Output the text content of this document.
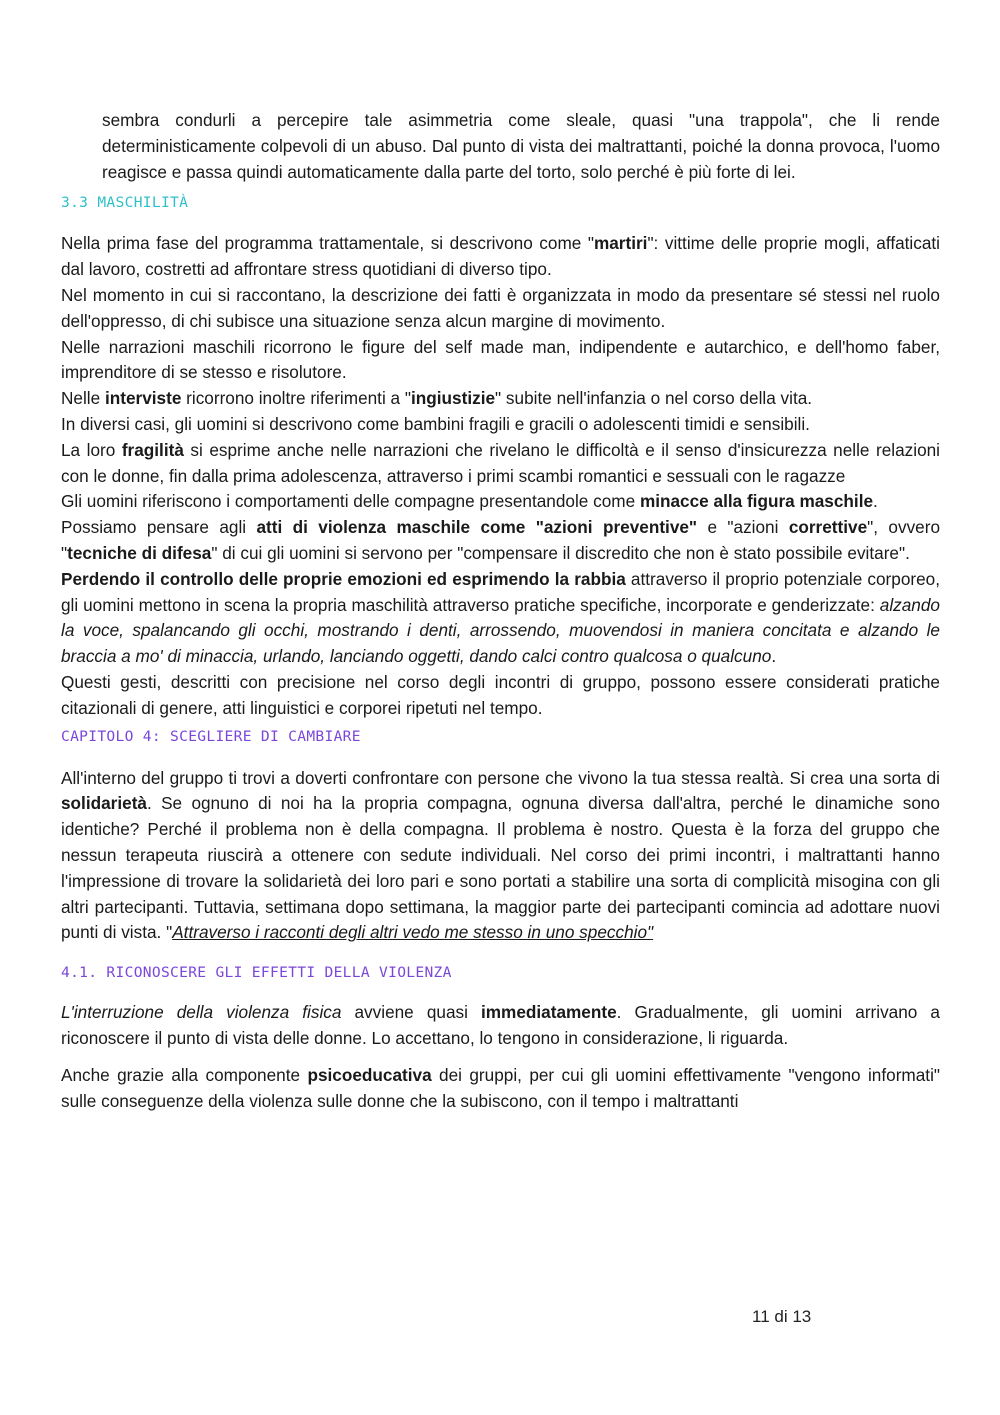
sembra condurli a percepire tale asimmetria come sleale, quasi "una trappola", che li rende deterministicamente colpevoli di un abuso. Dal punto di vista dei maltrattanti, poiché la donna provoca, l'uomo reagisce e passa quindi automaticamente dalla parte del torto, solo perché è più forte di lei.

3.3 MASCHILITÀ

Nella prima fase del programma trattamentale, si descrivono come "martiri": vittime delle proprie mogli, affaticati dal lavoro, costretti ad affrontare stress quotidiani di diverso tipo.

Nel momento in cui si raccontano, la descrizione dei fatti è organizzata in modo da presentare sé stessi nel ruolo dell'oppresso, di chi subisce una situazione senza alcun margine di movimento.

Nelle narrazioni maschili ricorrono le figure del self made man, indipendente e autarchico, e dell'homo faber, imprenditore di se stesso e risolutore.

Nelle interviste ricorrono inoltre riferimenti a "ingiustizie" subite nell'infanzia o nel corso della vita.

In diversi casi, gli uomini si descrivono come bambini fragili e gracili o adolescenti timidi e sensibili.

La loro fragilità si esprime anche nelle narrazioni che rivelano le difficoltà e il senso d'insicurezza nelle relazioni con le donne, fin dalla prima adolescenza, attraverso i primi scambi romantici e sessuali con le ragazze

Gli uomini riferiscono i comportamenti delle compagne presentandole come minacce alla figura maschile.

Possiamo pensare agli atti di violenza maschile come "azioni preventive" e "azioni correttive", ovvero "tecniche di difesa" di cui gli uomini si servono per "compensare il discredito che non è stato possibile evitare".

Perdendo il controllo delle proprie emozioni ed esprimendo la rabbia attraverso il proprio potenziale corporeo, gli uomini mettono in scena la propria maschilità attraverso pratiche specifiche, incorporate e genderizzate: alzando la voce, spalancando gli occhi, mostrando i denti, arrossendo, muovendosi in maniera concitata e alzando le braccia a mo' di minaccia, urlando, lanciando oggetti, dando calci contro qualcosa o qualcuno.

Questi gesti, descritti con precisione nel corso degli incontri di gruppo, possono essere considerati pratiche citazionali di genere, atti linguistici e corporei ripetuti nel tempo.

CAPITOLO 4: SCEGLIERE DI CAMBIARE

All'interno del gruppo ti trovi a doverti confrontare con persone che vivono la tua stessa realtà. Si crea una sorta di solidarietà. Se ognuno di noi ha la propria compagna, ognuna diversa dall'altra, perché le dinamiche sono identiche? Perché il problema non è della compagna. Il problema è nostro. Questa è la forza del gruppo che nessun terapeuta riuscirà a ottenere con sedute individuali. Nel corso dei primi incontri, i maltrattanti hanno l'impressione di trovare la solidarietà dei loro pari e sono portati a stabilire una sorta di complicità misogina con gli altri partecipanti. Tuttavia, settimana dopo settimana, la maggior parte dei partecipanti comincia ad adottare nuovi punti di vista. "Attraverso i racconti degli altri vedo me stesso in uno specchio"

4.1. RICONOSCERE GLI EFFETTI DELLA VIOLENZA

L'interruzione della violenza fisica avviene quasi immediatamente. Gradualmente, gli uomini arrivano a riconoscere il punto di vista delle donne. Lo accettano, lo tengono in considerazione, li riguarda.

Anche grazie alla componente psicoeducativa dei gruppi, per cui gli uomini effettivamente "vengono informati" sulle conseguenze della violenza sulle donne che la subiscono, con il tempo i maltrattanti

11 di 13
